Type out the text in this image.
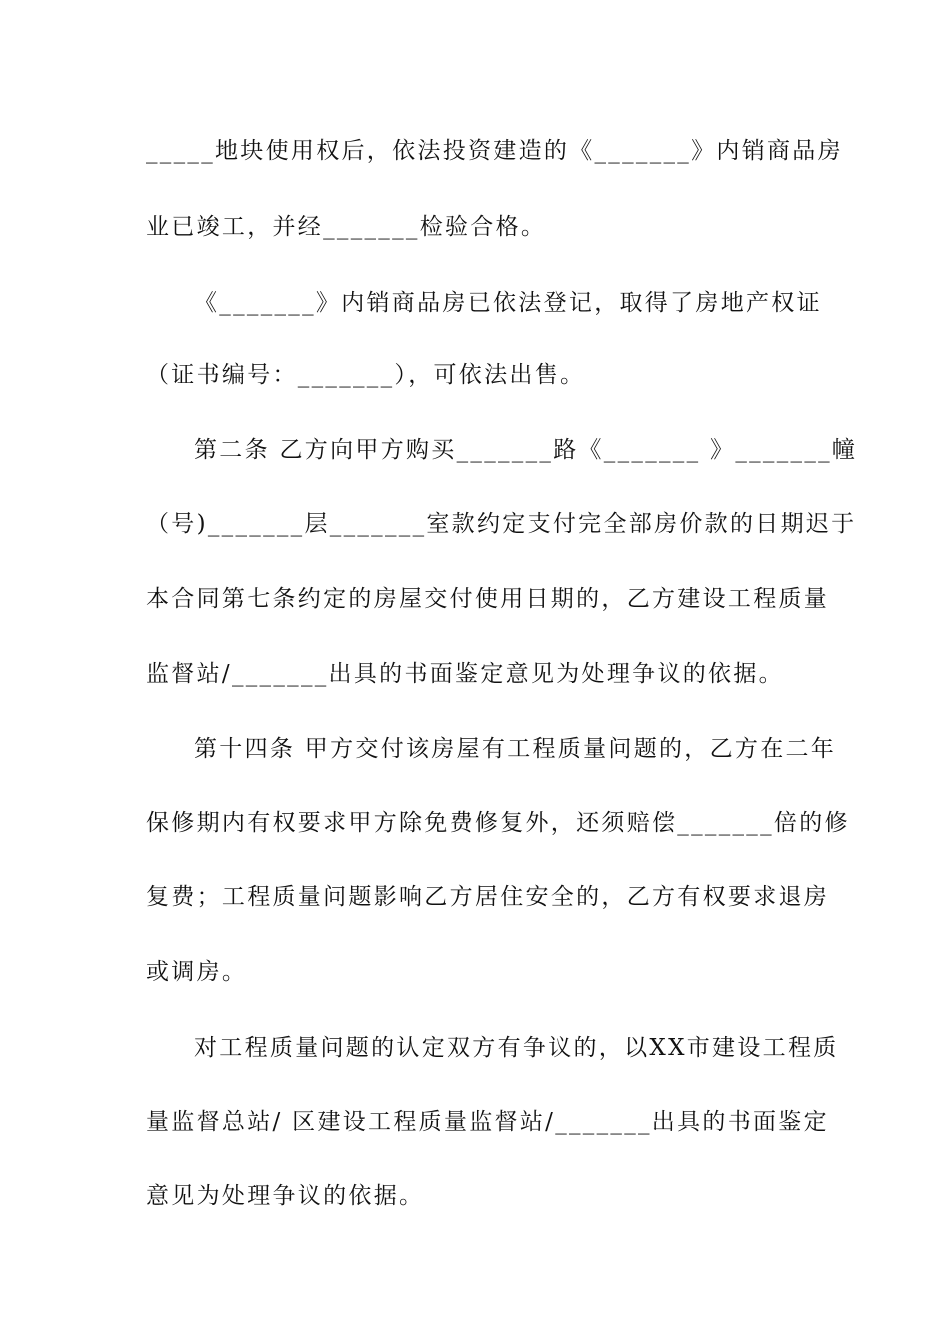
_____地块使用权后，依法投资建造的《_______》内销商品房
业已竣工，并经_______检验合格。
《_______》内销商品房已依法登记，取得了房地产权证
（证书编号：_______），可依法出售。
第二条 乙方向甲方购买_______路《_______ 》_______幢
（号)_______层_______室款约定支付完全部房价款的日期迟于
本合同第七条约定的房屋交付使用日期的，乙方建设工程质量
监督站/_______出具的书面鉴定意见为处理争议的依据。
第十四条 甲方交付该房屋有工程质量问题的，乙方在二年
保修期内有权要求甲方除免费修复外，还须赔偿_______倍的修
复费；工程质量问题影响乙方居住安全的，乙方有权要求退房
或调房。
对工程质量问题的认定双方有争议的，以XX市建设工程质
量监督总站/ 区建设工程质量监督站/_______出具的书面鉴定
意见为处理争议的依据。
